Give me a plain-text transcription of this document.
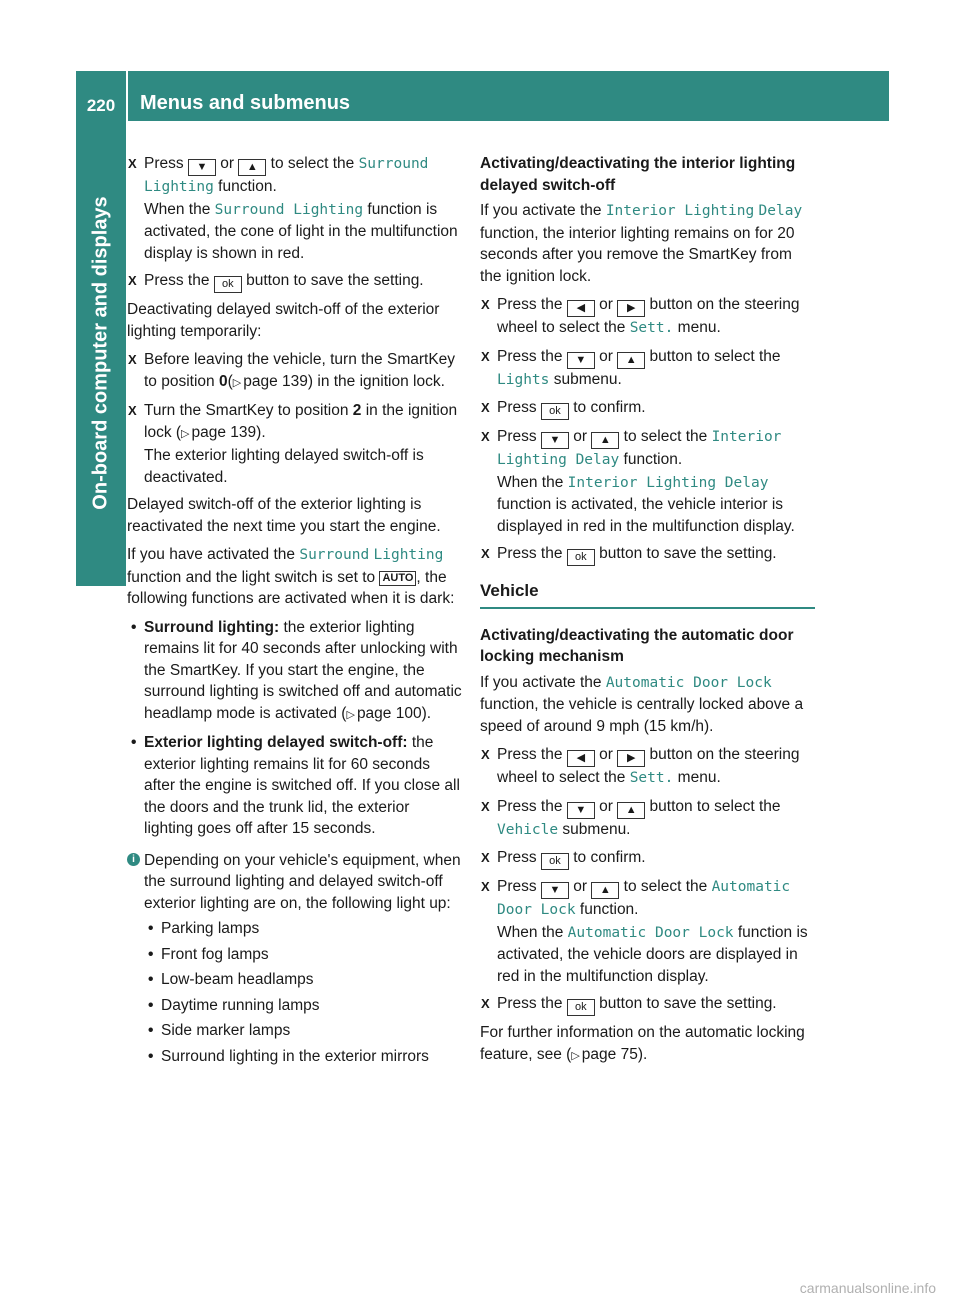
220	Menus and submenus
On-board computer and displays
X Press ▼ or ▲ to select the Surround Lighting function.
When the Surround Lighting function is activated, the cone of light in the multifunction display is shown in red.
X Press the ok button to save the setting.

Deactivating delayed switch-off of the exterior lighting temporarily:

X Before leaving the vehicle, turn the SmartKey to position 0( ▷ page 139) in the ignition lock.
X Turn the SmartKey to position 2 in the ignition lock ( ▷ page 139).
The exterior lighting delayed switch-off is deactivated.

Delayed switch-off of the exterior lighting is reactivated the next time you start the engine.

If you have activated the Surround Lighting function and the light switch is set to AUTO , the following functions are activated when it is dark:

• Surround lighting: the exterior lighting remains lit for 40 seconds after unlocking with the SmartKey. If you start the engine, the surround lighting is switched off and automatic headlamp mode is activated ( ▷ page 100).
• Exterior lighting delayed switch-off: the exterior lighting remains lit for 60 seconds after the engine is switched off. If you close all the doors and the trunk lid, the exterior lighting goes off after 15 seconds.
i Depending on your vehicle's equipment, when the surround lighting and delayed switch-off exterior lighting are on, the following light up:
• Parking lamps
• Front fog lamps
• Low-beam headlamps
• Daytime running lamps
• Side marker lamps
• Surround lighting in the exterior mirrors
Activating/deactivating the interior lighting delayed switch-off

If you activate the Interior Lighting Delay function, the interior lighting remains on for 20 seconds after you remove the SmartKey from the ignition lock.

X Press the ◀ or ▶ button on the steering wheel to select the Sett. menu.
X Press the ▼ or ▲ button to select the Lights submenu.
X Press ok to confirm.
X Press ▼ or ▲ to select the Interior Lighting Delay function.
When the Interior Lighting Delay function is activated, the vehicle interior is displayed in red in the multifunction display.
X Press the ok button to save the setting.
Vehicle
Activating/deactivating the automatic door locking mechanism

If you activate the Automatic Door Lock function, the vehicle is centrally locked above a speed of around 9 mph (15 km/h).

X Press the ◀ or ▶ button on the steering wheel to select the Sett. menu.
X Press the ▼ or ▲ button to select the Vehicle submenu.
X Press ok to confirm.
X Press ▼ or ▲ to select the Automatic Door Lock function.
When the Automatic Door Lock function is activated, the vehicle doors are displayed in red in the multifunction display.
X Press the ok button to save the setting.

For further information on the automatic locking feature, see ( ▷ page 75).

carmanualsonline.info
